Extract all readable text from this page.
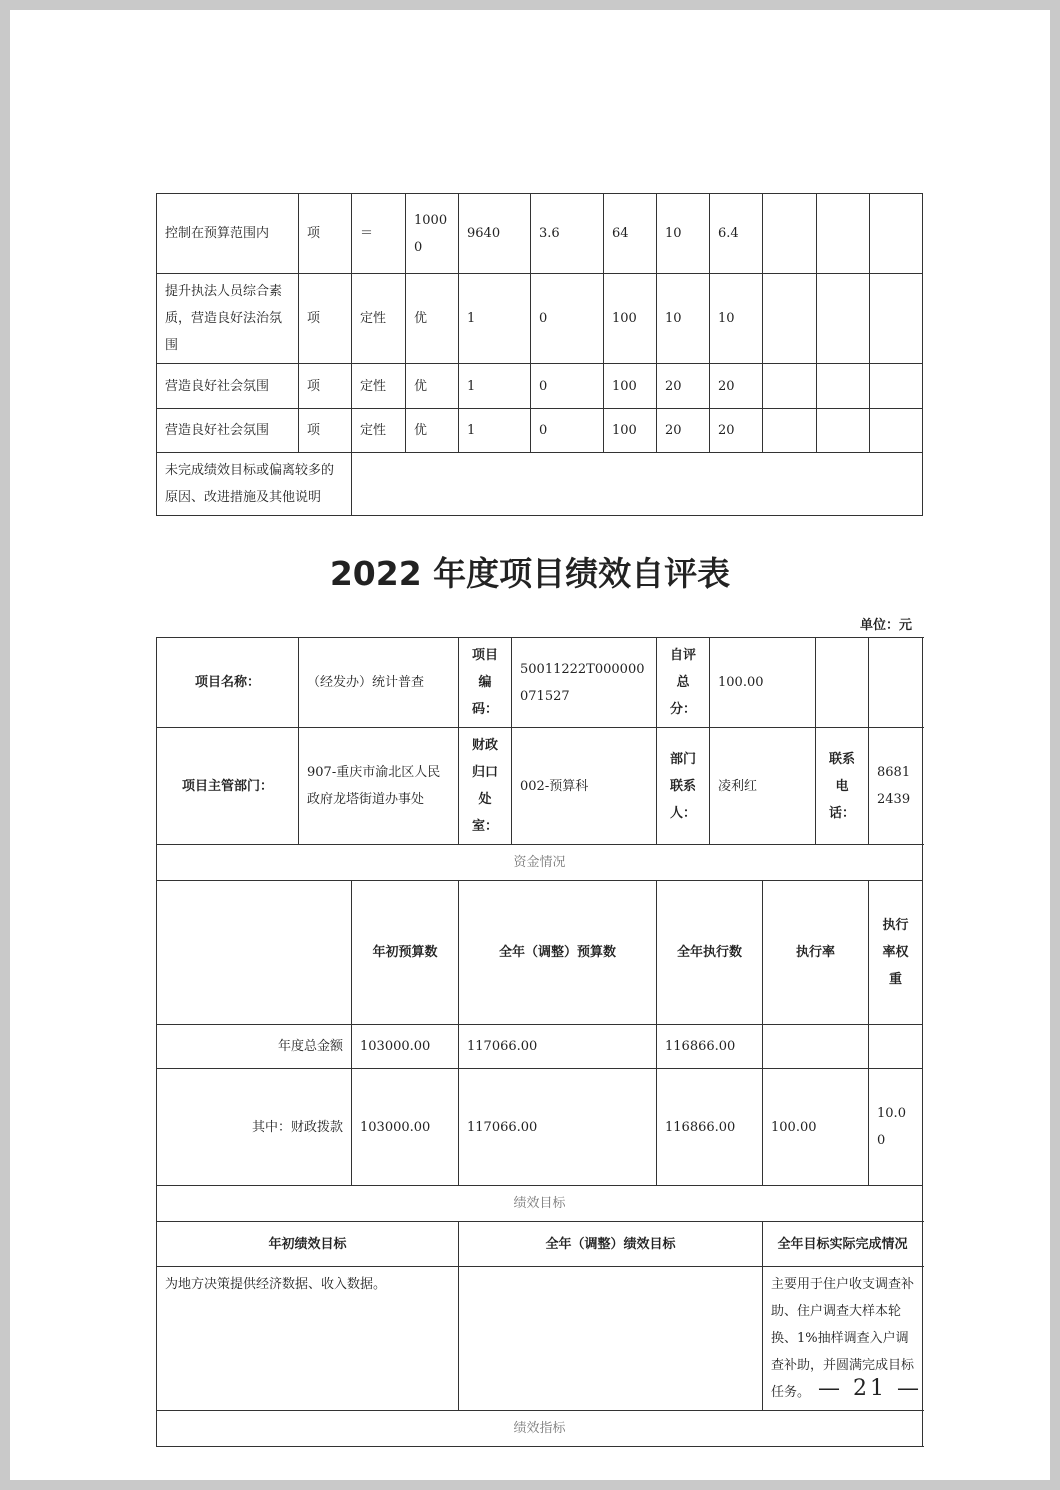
控制在预算范围内	项	＝	10000	9640	3.6	64	10	6.4			
提升执法人员综合素质，营造良好法治氛围	项	定性	优	1	0	100	10	10			
营造良好社会氛围	项	定性	优	1	0	100	20	20			
营造良好社会氛围	项	定性	优	1	0	100	20	20			
未完成绩效目标或偏离较多的原因、改进措施及其他说明											
2022 年度项目绩效自评表
单位：元
项目名称：	（经发办）统计普查		项目编码：	50011222T000000071527	自评总分：	100.00				
项目主管部门：	907-重庆市渝北区人民政府龙塔街道办事处		财政归口处室：	002-预算科	部门联系人：	凌利红		联系电话：	86812439	
资金情况										
		年初预算数	全年（调整）预算数		全年执行数		执行率		执行率权重	
年度总金额		103000.00	117066.00		116866.00					
其中：财政拨款		103000.00	117066.00		116866.00		100.00		10.00	
绩效目标										
年初绩效目标			全年（调整）绩效目标				全年目标实际完成情况			
为地方决策提供经济数据、收入数据。							主要用于住户收支调查补助、住户调查大样本轮换、1%抽样调查入户调查补助，并圆满完成目标任务。			
绩效指标										
— 21 —
